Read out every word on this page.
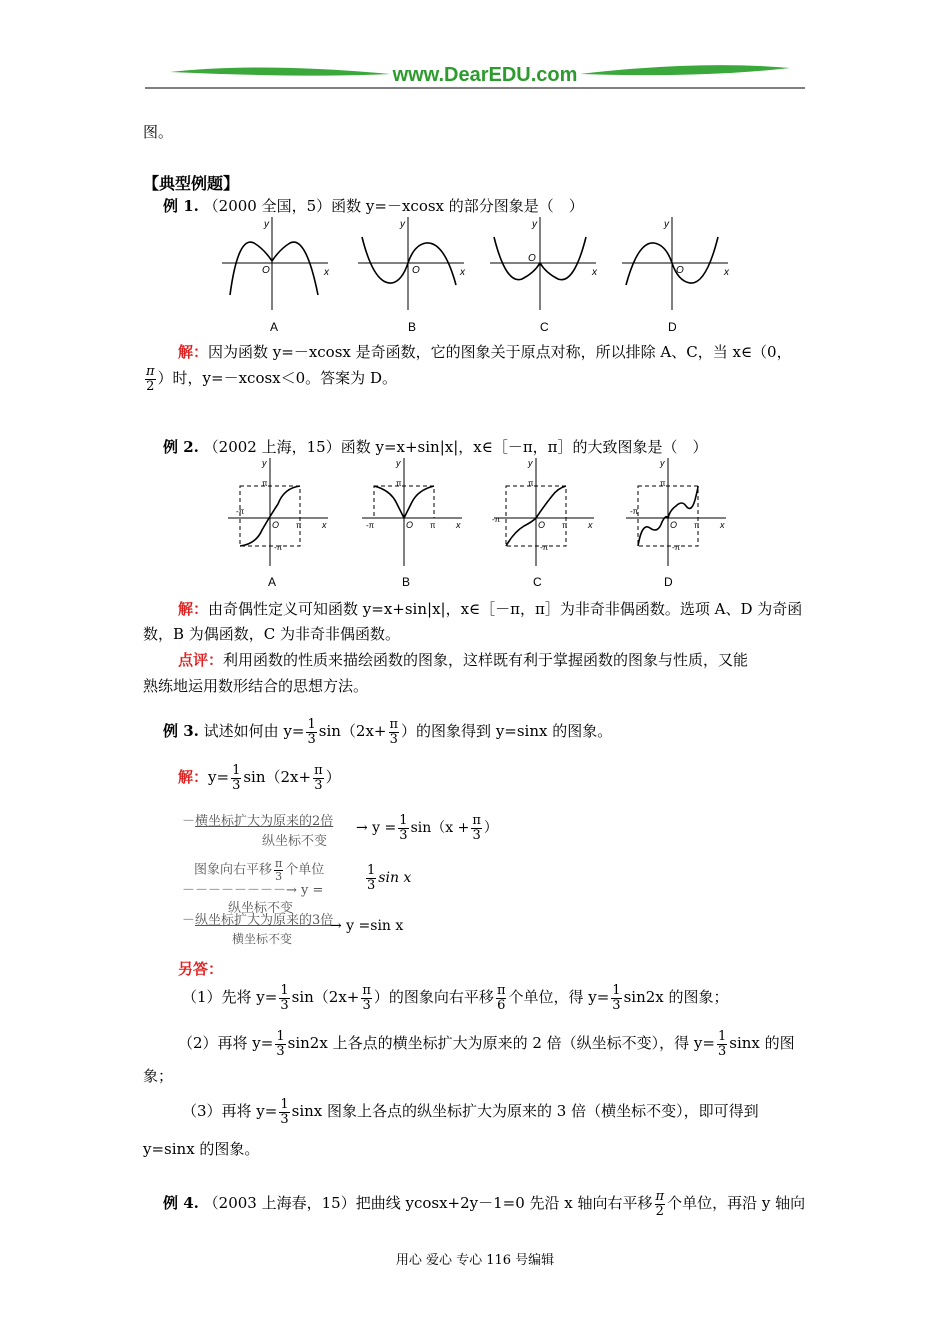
www.DearEDU.com
图。
【典型例题】
例 1. （2000 全国，5）函数 y=－xcosx 的部分图象是（　）
x
y
O	x
y
O	x
y
O
x
y
O
A	B	C	D
解：因为函数 y=－xcosx 是奇函数，它的图象关于原点对称，所以排除 A、C，当 x∈（0，
$\frac{\pi}{2}$ ）时，y=－xcosx＜0。答案为 D。
例 2. （2002 上海，15）函数 y=x+sin|x|，x∈［－π，π］的大致图象是（　）
x
y
O
π
-π
π
-π
x
y
O
π
-π	π	x
y
O
π
-π
π
-π
x
y
O
π
-π
π
-π
A	B	C	D
解：由奇偶性定义可知函数 y=x+sin|x|，x∈［－π，π］为非奇非偶函数。选项 A、D 为奇函
数，B 为偶函数，C 为非奇非偶函数。
点评：利用函数的性质来描绘函数的图象，这样既有利于掌握函数的图象与性质，又能
熟练地运用数形结合的思想方法。
例 3. 试述如何由 $y= \frac{1}{3} \sin(2x+ \frac{\pi}{3}$ ）的图象得到 y=sinx 的图象。
解：$y= \frac{1}{3} \sin(2x+ \frac{\pi}{3}$ ）
－横坐标扩大为原来的2倍
纵坐标不变
→ $y = \frac{1}{3} \sin(x + \frac{\pi}{3}$ ）
图象向右平移 $\frac{\pi}{3}$ 个单位
－－－－－－－－→ y =
纵坐标不变
$\frac{1}{3}$ sin x
－纵坐标扩大为原来的3倍
横坐标不变
→ y =sin x
另答：
（1）先将 $y= \frac{1}{3} \sin(2x+ \frac{\pi}{3}$ ）的图象向右平移 $\frac{\pi}{6}$ 个单位，得 $y= \frac{1}{3} \sin 2x$ 的图象；
（2）再将 $y= \frac{1}{3} \sin 2x$ 上各点的横坐标扩大为原来的 2 倍（纵坐标不变），得 $y= \frac{1}{3}$ sinx 的图
象；
（3）再将 $y= \frac{1}{3}$ sinx 图象上各点的纵坐标扩大为原来的 3 倍（横坐标不变），即可得到
y=sinx 的图象。
例 4. （2003 上海春，15）把曲线 ycosx+2y－1=0 先沿 x 轴向右平移 $\frac{\pi}{2}$ 个单位，再沿 y 轴向
用心 爱心 专心 116 号编辑
